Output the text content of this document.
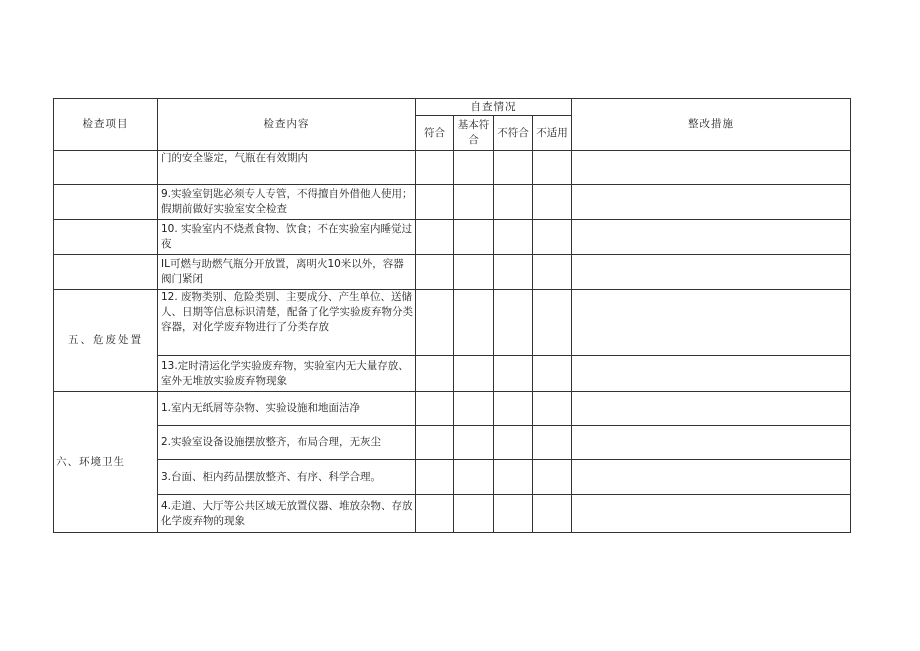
检查项目	检查内容	自查情况				整改措施
		符合	基本符合	不符合	不适用	
	门的安全鉴定，气瓶在有效期内					
	9.实验室钥匙必须专人专管，不得擅自外借他人使用；假期前做好实验室安全检查					
	10. 实验室内不烧煮食物、饮食；不在实验室内睡觉过夜					
	IL可燃与助燃气瓶分开放置，离明火10米以外，容器阀门紧闭					
五、危废处置	12. 废物类别、危险类别、主要成分、产生单位、送储人、日期等信息标识清楚，配备了化学实验废弃物分类容器，对化学废弃物进行了分类存放					
	13.定时清运化学实验废弃物，实验室内无大量存放、室外无堆放实验废弃物现象					
六、环境卫生	1.室内无纸屑等杂物、实验设施和地面洁净					
	2.实验室设备设施摆放整齐，布局合理，无灰尘					
	3.台面、柜内药品摆放整齐、有序、科学合理。					
	4.走道、大厅等公共区域无放置仪器、堆放杂物、存放化学废弃物的现象					
